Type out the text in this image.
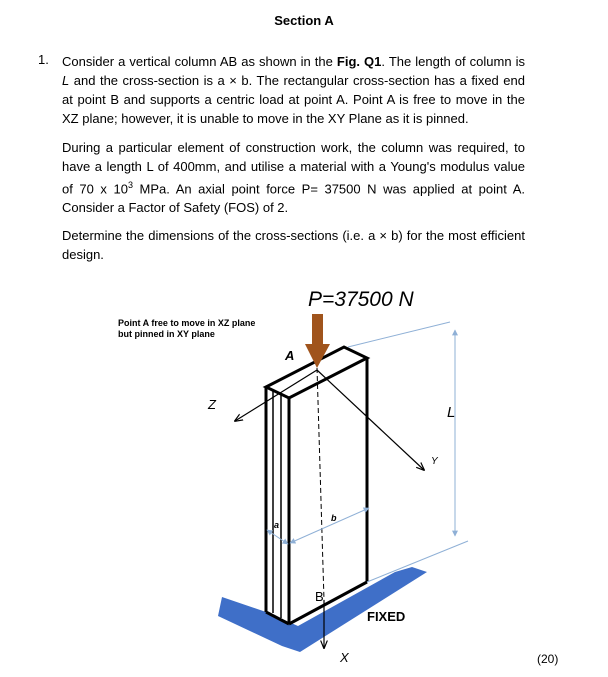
Section A
1. Consider a vertical column AB as shown in the Fig. Q1. The length of column is L and the cross-section is a × b. The rectangular cross-section has a fixed end at point B and supports a centric load at point A. Point A is free to move in the XZ plane; however, it is unable to move in the XY Plane as it is pinned.
During a particular element of construction work, the column was required, to have a length L of 400mm, and utilise a material with a Young's modulus value of 70 x $10^3$ MPa. An axial point force P= 37500 N was applied at point A. Consider a Factor of Safety (FOS) of 2.
Determine the dimensions of the cross-sections (i.e. a × b) for the most efficient design.
P=37500 N
Point A free to move in XZ plane
but pinned in XY plane
A
Z	L
Y
b
a
B
FIXED
X	(20)
